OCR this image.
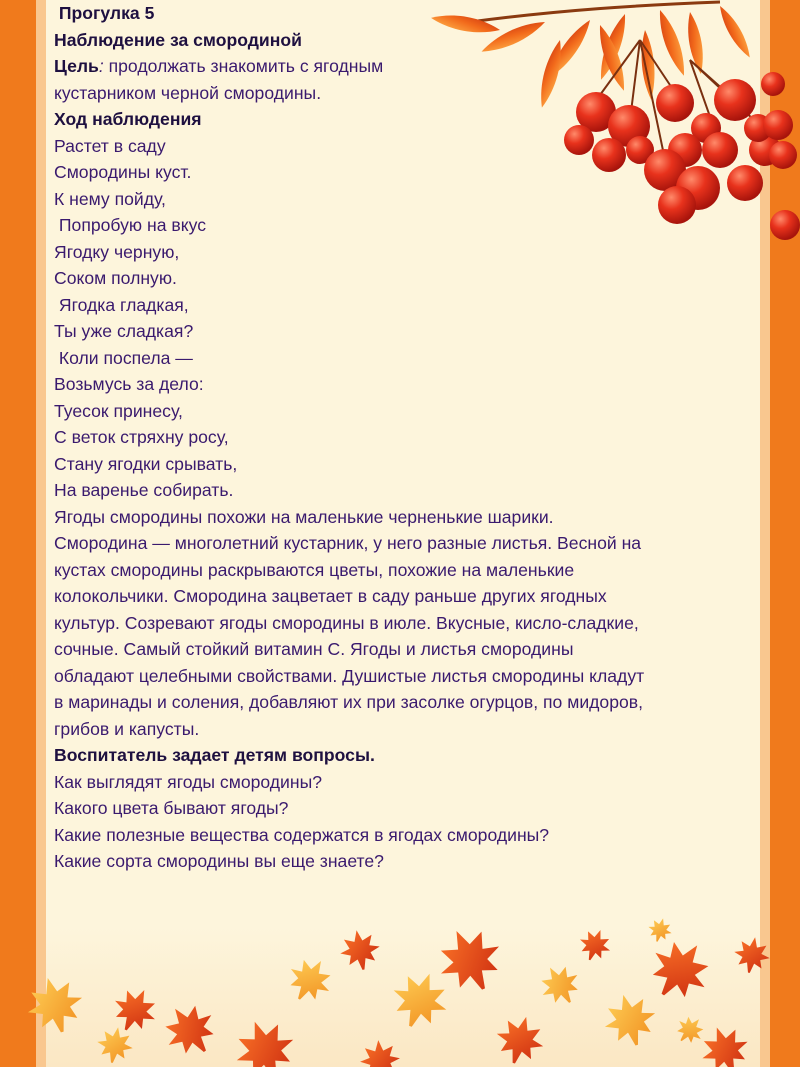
Прогулка 5

Наблюдение за смородиной

Цель: продолжать знакомить с ягодным

кустарником черной смородины.

Ход наблюдения

Растет в саду

Смородины куст.

К нему пойду,

Попробую на вкус

Ягодку черную,

Соком полную.

Ягодка гладкая,

Ты уже сладкая?

Коли поспела —

Возьмусь за дело:

Туесок принесу,

С веток стряхну росу,

Стану ягодки срывать,

На варенье собирать.

Ягоды смородины похожи на маленькие черненькие шарики.

Смородина — многолетний кустарник, у него разные листья. Весной на

кустах смородины раскрываются цветы, похожие на маленькие

колокольчики. Смородина зацветает в саду раньше других ягодных

культур. Созревают ягоды смородины в июле. Вкусные, кисло-сладкие,

сочные. Самый стойкий витамин С. Ягоды и листья смородины

обладают целебными свойствами. Душистые листья смородины кладут

в маринады и соления, добавляют их при засолке огурцов, по мидоров,

грибов и капусты.

Воспитатель задает детям вопросы.

Как выглядят ягоды смородины?

Какого цвета бывают ягоды?

Какие полезные вещества содержатся в ягодах смородины?

Какие сорта смородины вы еще знаете?
